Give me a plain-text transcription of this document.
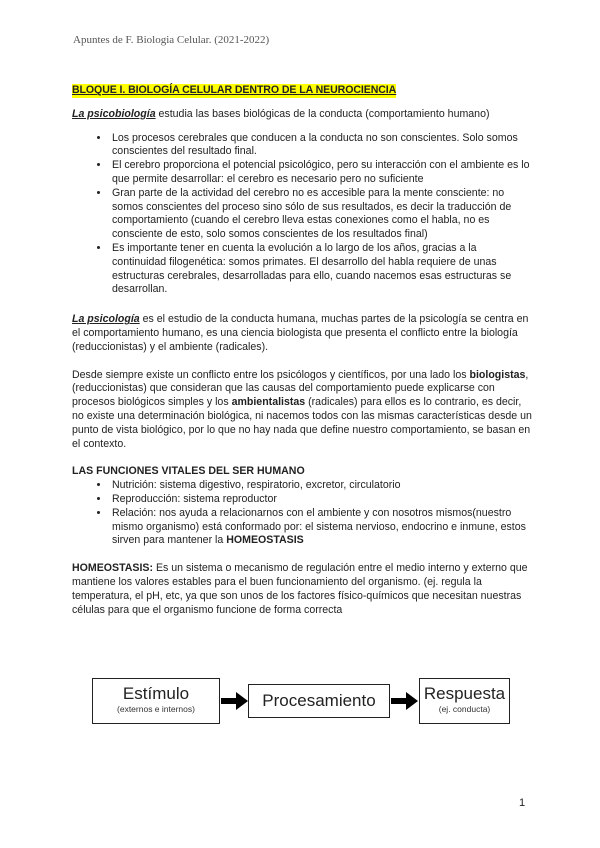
Apuntes de F. Biologia Celular. (2021-2022)
BLOQUE I. BIOLOGÍA CELULAR DENTRO DE LA NEUROCIENCIA

La psicobiología estudia las bases biológicas de la conducta (comportamiento humano)

• Los procesos cerebrales que conducen a la conducta no son conscientes. Solo somos conscientes del resultado final.
• El cerebro proporciona el potencial psicológico, pero su interacción con el ambiente es lo que permite desarrollar: el cerebro es necesario pero no suficiente
• Gran parte de la actividad del cerebro no es accesible para la mente consciente: no somos conscientes del proceso sino sólo de sus resultados, es decir la traducción de comportamiento (cuando el cerebro lleva estas conexiones como el habla, no es consciente de esto, solo somos conscientes de los resultados final)
• Es importante tener en cuenta la evolución a lo largo de los años, gracias a la continuidad filogenética: somos primates. El desarrollo del habla requiere de unas estructuras cerebrales, desarrolladas para ello, cuando nacemos esas estructuras se desarrollan.

La psicología es el estudio de la conducta humana, muchas partes de la psicología se centra en el comportamiento humano, es una ciencia biologista que presenta el conflicto entre la biología (reduccionistas) y el ambiente (radicales).

Desde siempre existe un conflicto entre los psicólogos y científicos, por una lado los biologistas, (reduccionistas) que consideran que las causas del comportamiento puede explicarse con procesos biológicos simples y los ambientalistas (radicales) para ellos es lo contrario, es decir, no existe una determinación biológica, ni nacemos todos con las mismas características desde un punto de vista biológico, por lo que no hay nada que define nuestro comportamiento, se basan en el contexto.

LAS FUNCIONES VITALES DEL SER HUMANO
• Nutrición: sistema digestivo, respiratorio, excretor, circulatorio
• Reproducción: sistema reproductor
• Relación: nos ayuda a relacionarnos con el ambiente y con nosotros mismos(nuestro mismo organismo) está conformado por: el sistema nervioso, endocrino e inmune, estos sirven para mantener la HOMEOSTASIS

HOMEOSTASIS: Es un sistema o mecanismo de regulación entre el medio interno y externo que mantiene los valores estables para el buen funcionamiento del organismo. (ej. regula la temperatura, el pH, etc, ya que son unos de los factores físico-químicos que necesitan nuestras células para que el organismo funcione de forma correcta

Estímulo
(externos e internos)	Procesamiento	Respuesta
(ej. conducta)
1
